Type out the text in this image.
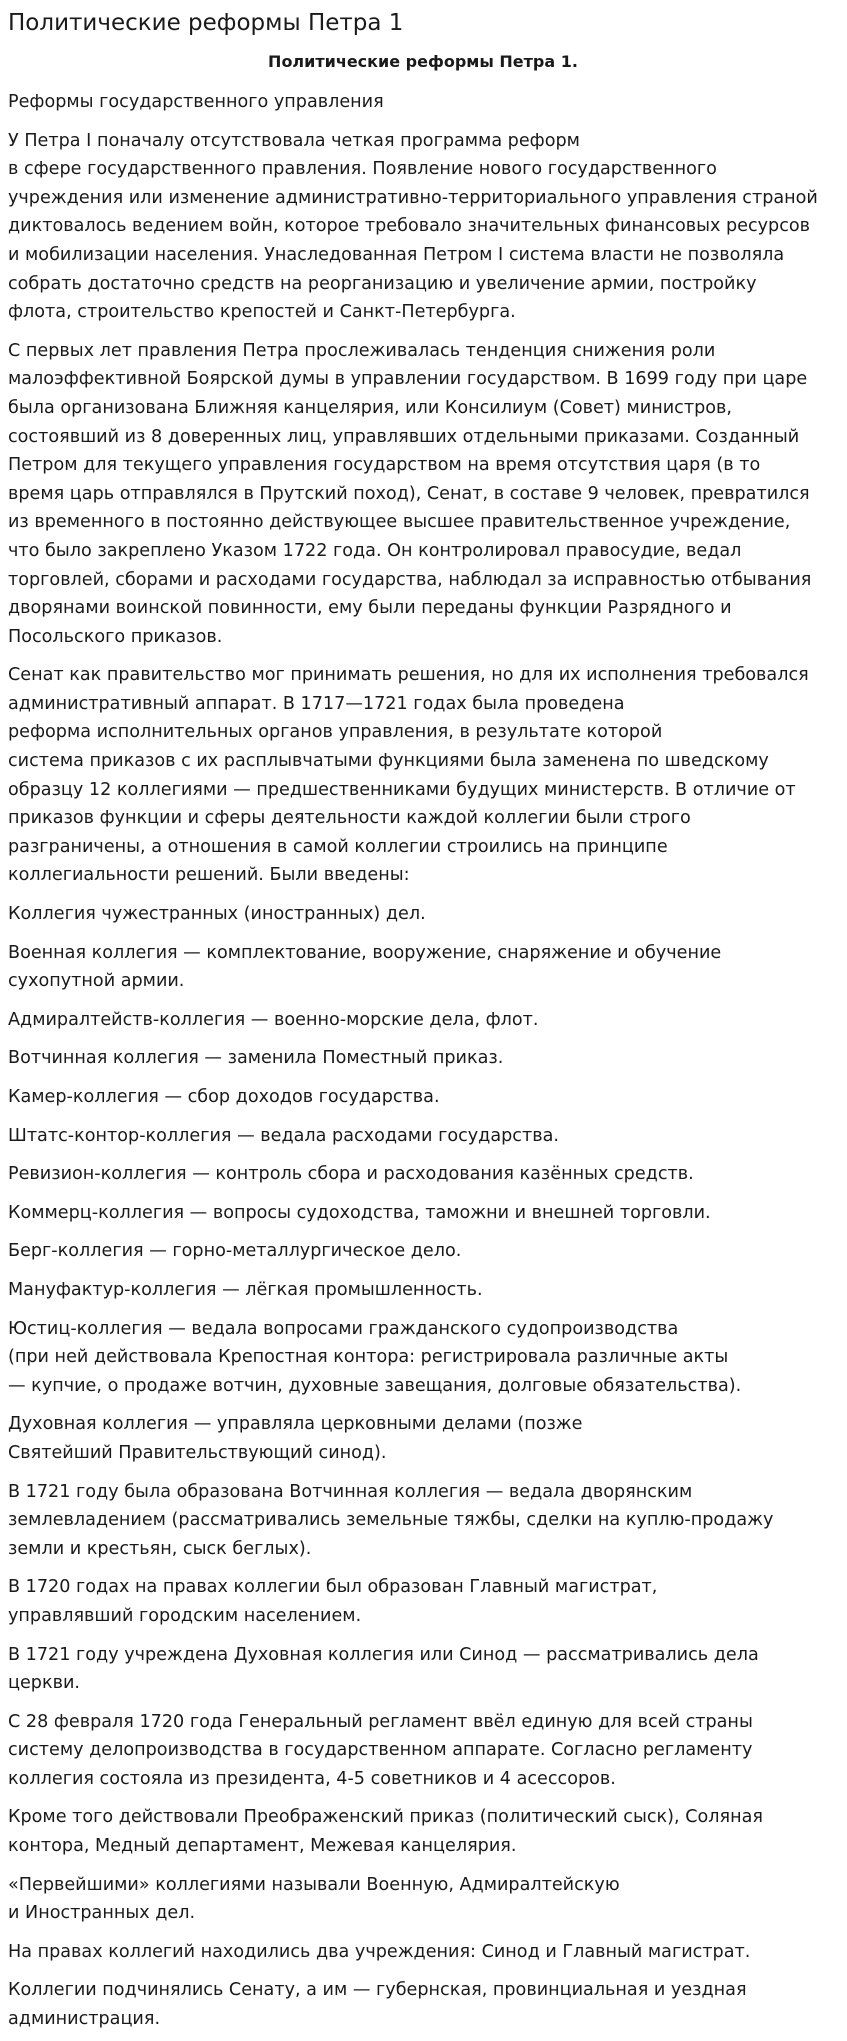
Политические реформы Петра 1
Политические реформы Петра 1.

Реформы государственного управления

У Петра I поначалу отсутствовала четкая программа реформ
в сфере государственного правления. Появление нового государственного
учреждения или изменение административно-территориального управления страной
диктовалось ведением войн, которое требовало значительных финансовых ресурсов
и мобилизации населения. Унаследованная Петром I система власти не позволяла
собрать достаточно средств на реорганизацию и увеличение армии, постройку
флота, строительство крепостей и Санкт-Петербурга.

С первых лет правления Петра прослеживалась тенденция снижения роли
малоэффективной Боярской думы в управлении государством. В 1699 году при царе
была организована Ближняя канцелярия, или Консилиум (Совет) министров,
состоявший из 8 доверенных лиц, управлявших отдельными приказами. Созданный
Петром для текущего управления государством на время отсутствия царя (в то
время царь отправлялся в Прутский поход), Сенат, в составе 9 человек, превратился
из временного в постоянно действующее высшее правительственное учреждение,
что было закреплено Указом 1722 года. Он контролировал правосудие, ведал
торговлей, сборами и расходами государства, наблюдал за исправностью отбывания
дворянами воинской повинности, ему были переданы функции Разрядного и
Посольского приказов.

Сенат как правительство мог принимать решения, но для их исполнения требовался
административный аппарат. В 1717—1721 годах была проведена
реформа исполнительных органов управления, в результате которой
система приказов с их расплывчатыми функциями была заменена по шведскому
образцу 12 коллегиями — предшественниками будущих министерств. В отличие от
приказов функции и сферы деятельности каждой коллегии были строго
разграничены, а отношения в самой коллегии строились на принципе
коллегиальности решений. Были введены:

Коллегия чужестранных (иностранных) дел.

Военная коллегия — комплектование, вооружение, снаряжение и обучение
сухопутной армии.

Адмиралтейств-коллегия — военно-морские дела, флот.

Вотчинная коллегия — заменила Поместный приказ.

Камер-коллегия — сбор доходов государства.

Штатс-контор-коллегия — ведала расходами государства.

Ревизион-коллегия — контроль сбора и расходования казённых средств.

Коммерц-коллегия — вопросы судоходства, таможни и внешней торговли.

Берг-коллегия — горно-металлургическое дело.

Мануфактур-коллегия — лёгкая промышленность.

Юстиц-коллегия — ведала вопросами гражданского судопроизводства
(при ней действовала Крепостная контора: регистрировала различные акты
— купчие, о продаже вотчин, духовные завещания, долговые обязательства).

Духовная коллегия — управляла церковными делами (позже
Святейший Правительствующий синод).

В 1721 году была образована Вотчинная коллегия — ведала дворянским
землевладением (рассматривались земельные тяжбы, сделки на куплю-продажу
земли и крестьян, сыск беглых).

В 1720 годах на правах коллегии был образован Главный магистрат,
управлявший городским населением.

В 1721 году учреждена Духовная коллегия или Синод — рассматривались дела
церкви.

С 28 февраля 1720 года Генеральный регламент ввёл единую для всей страны
систему делопроизводства в государственном аппарате. Согласно регламенту
коллегия состояла из президента, 4-5 советников и 4 асессоров.

Кроме того действовали Преображенский приказ (политический сыск), Соляная
контора, Медный департамент, Межевая канцелярия.

«Первейшими» коллегиями называли Военную, Адмиралтейскую
и Иностранных дел.

На правах коллегий находились два учреждения: Синод и Главный магистрат.

Коллегии подчинялись Сенату, а им — губернская, провинциальная и уездная
администрация.
